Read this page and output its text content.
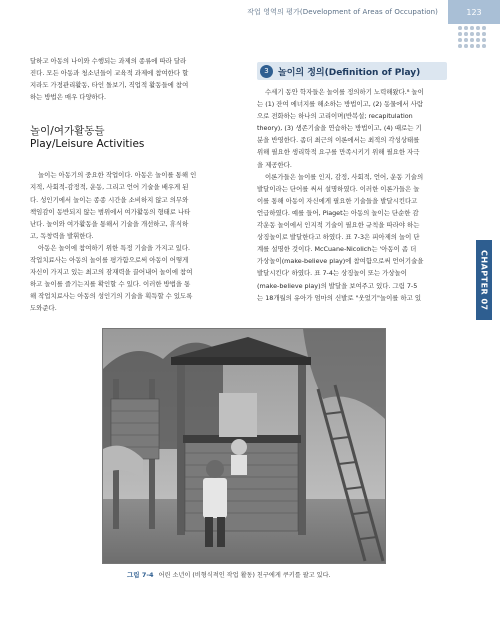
작업 영역의 평가(Development of Areas of Occupation)	123

달하고 아동의 나이와 수행되는 과제의 종류에 따라 달라
진다. 모든 아동과 청소년들이 교육적 과제에 참여한다 할
지라도 가정관리활동, 타인 돌보기, 직업적 활동들에 참여
하는 방법은 매우 다양하다.

놀이/여가활동들
Play/Leisure Activities

놀이는 아동기의 중요한 작업이다. 아동은 놀이를 통해 인
지적, 사회적-감정적, 운동, 그리고 언어 기술을 배우게 된
다. 성인기에서 놀이는 종종 시간을 소비하지 않고 의무와
책임감이 동반되지 않는 범위에서 여가활동의 형태로 나타
난다. 놀이와 여가활동을 통해서 기술을 개선하고, 휴식하
고, 독창력을 발휘한다.

아동은 놀이에 참여하기 위한 특정 기술을 가지고 있다.
작업치료사는 아동의 놀이를 평가함으로써 아동이 어떻게
자신이 가지고 있는 최고의 잠재력을 끌어내어 놀이에 참여
하고 놀이를 즐기는지를 확인할 수 있다. 이러한 방법을 통
해 작업치료사는 아동의 성인기의 기술을 획득할 수 있도록
도와준다.

3	놀이의 정의(Definition of Play)

수세기 동안 학자들은 놀이를 정의하기 노력해왔다.⁸ 놀이
는 (1) 잔여 에너지를 해소하는 방법이고, (2) 동물에서 사람
으로 전화하는 하나의 고리이며(반복설; recapitulation
theory), (3) 생존기술을 연습하는 방법이고, (4) 때로는 기
분을 반영한다. 좀더 최근의 이론에서는 최적의 각성상태를
위해 필요한 생리학적 요구를 만족시키기 위해 필요한 자극
을 제공한다.

이론가들은 놀이를 인지, 감정, 사회적, 언어, 운동 기술의
발달이라는 단어를 써서 설명하였다. 이러한 이론가들은 놀
이를 통해 아동이 자신에게 필요한 기술들을 발달시킨다고
언급하였다. 예를 들어, Piaget는 아동의 놀이는 단순한 감
각운동 놀이에서 인지적 기술이 필요한 규칙을 따라야 하는
상징놀이로 발달한다고 하였다. 표 7-3은 피아제의 놀이 단
계를 설명한 것이다. McCuane-Nicolich는 '아동이 좀 더
가상놀이(make-believe play)에 참여함으로써 언어기술을
발달시킨다' 하였다. 표 7-4는 상징놀이 또는 가상놀이
(make-believe play)의 발달을 보여주고 있다. 그림 7-5
는 18개월의 유아가 엄마의 신발로 "웃었기"놀이를 하고 있	CHAPTER 07
그림 7-4 어린 소년이 (비형식적인 작업 활동) 친구에게 쿠키를 팔고 있다.
